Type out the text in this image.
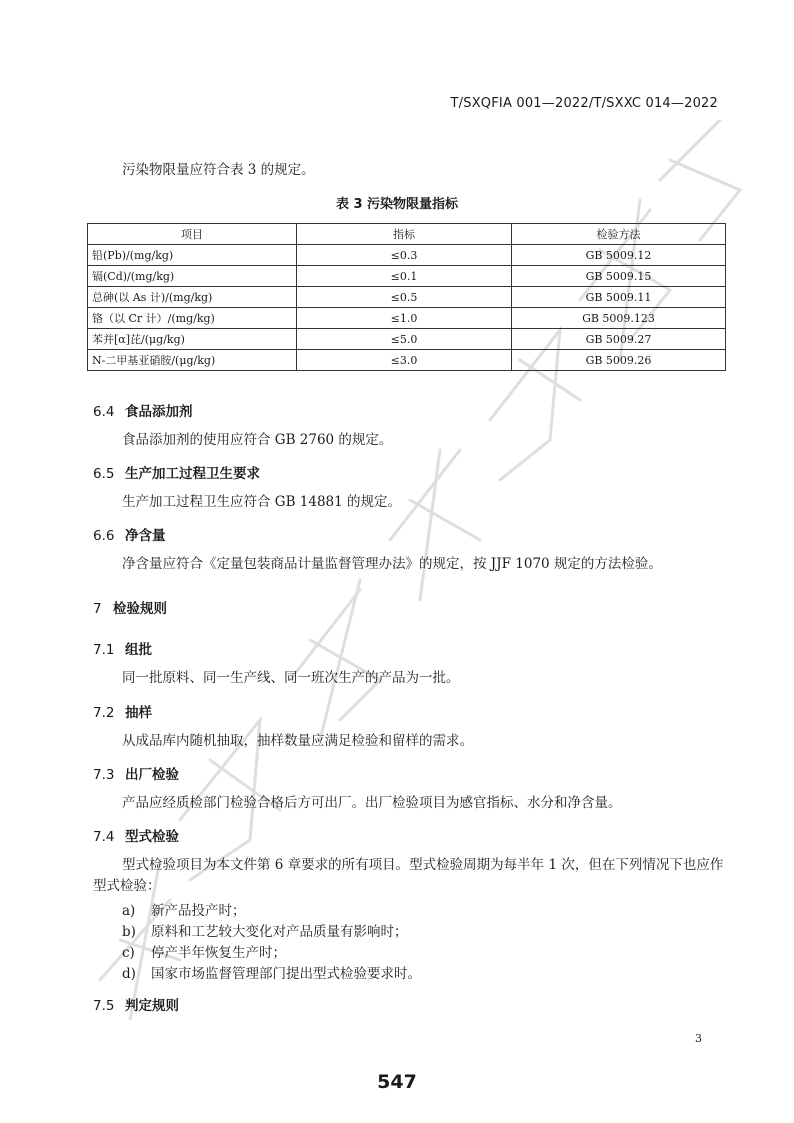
T/SXQFIA 001—2022/T/SXXC 014—2022
污染物限量应符合表 3 的规定。
表 3 污染物限量指标
项目	指标	检验方法
铅(Pb)/(mg/kg)	≤0.3	GB 5009.12
镉(Cd)/(mg/kg)	≤0.1	GB 5009.15
总砷(以 As 计)/(mg/kg)	≤0.5	GB 5009.11
铬（以 Cr 计）/(mg/kg)	≤1.0	GB 5009.123
苯并[α]芘/(μg/kg)	≤5.0	GB 5009.27
N-二甲基亚硝胺/(μg/kg)	≤3.0	GB 5009.26
6.4 食品添加剂
食品添加剂的使用应符合 GB 2760 的规定。
6.5 生产加工过程卫生要求
生产加工过程卫生应符合 GB 14881 的规定。
6.6 净含量
净含量应符合《定量包装商品计量监督管理办法》的规定，按 JJF 1070 规定的方法检验。
7 检验规则
7.1 组批
同一批原料、同一生产线、同一班次生产的产品为一批。
7.2 抽样
从成品库内随机抽取，抽样数量应满足检验和留样的需求。
7.3 出厂检验
产品应经质检部门检验合格后方可出厂。出厂检验项目为感官指标、水分和净含量。
7.4 型式检验
型式检验项目为本文件第 6 章要求的所有项目。型式检验周期为每半年 1 次，但在下列情况下也应作型式检验：
a) 新产品投产时；
b) 原料和工艺较大变化对产品质量有影响时；
c) 停产半年恢复生产时；
d) 国家市场监督管理部门提出型式检验要求时。
7.5 判定规则
3
547
